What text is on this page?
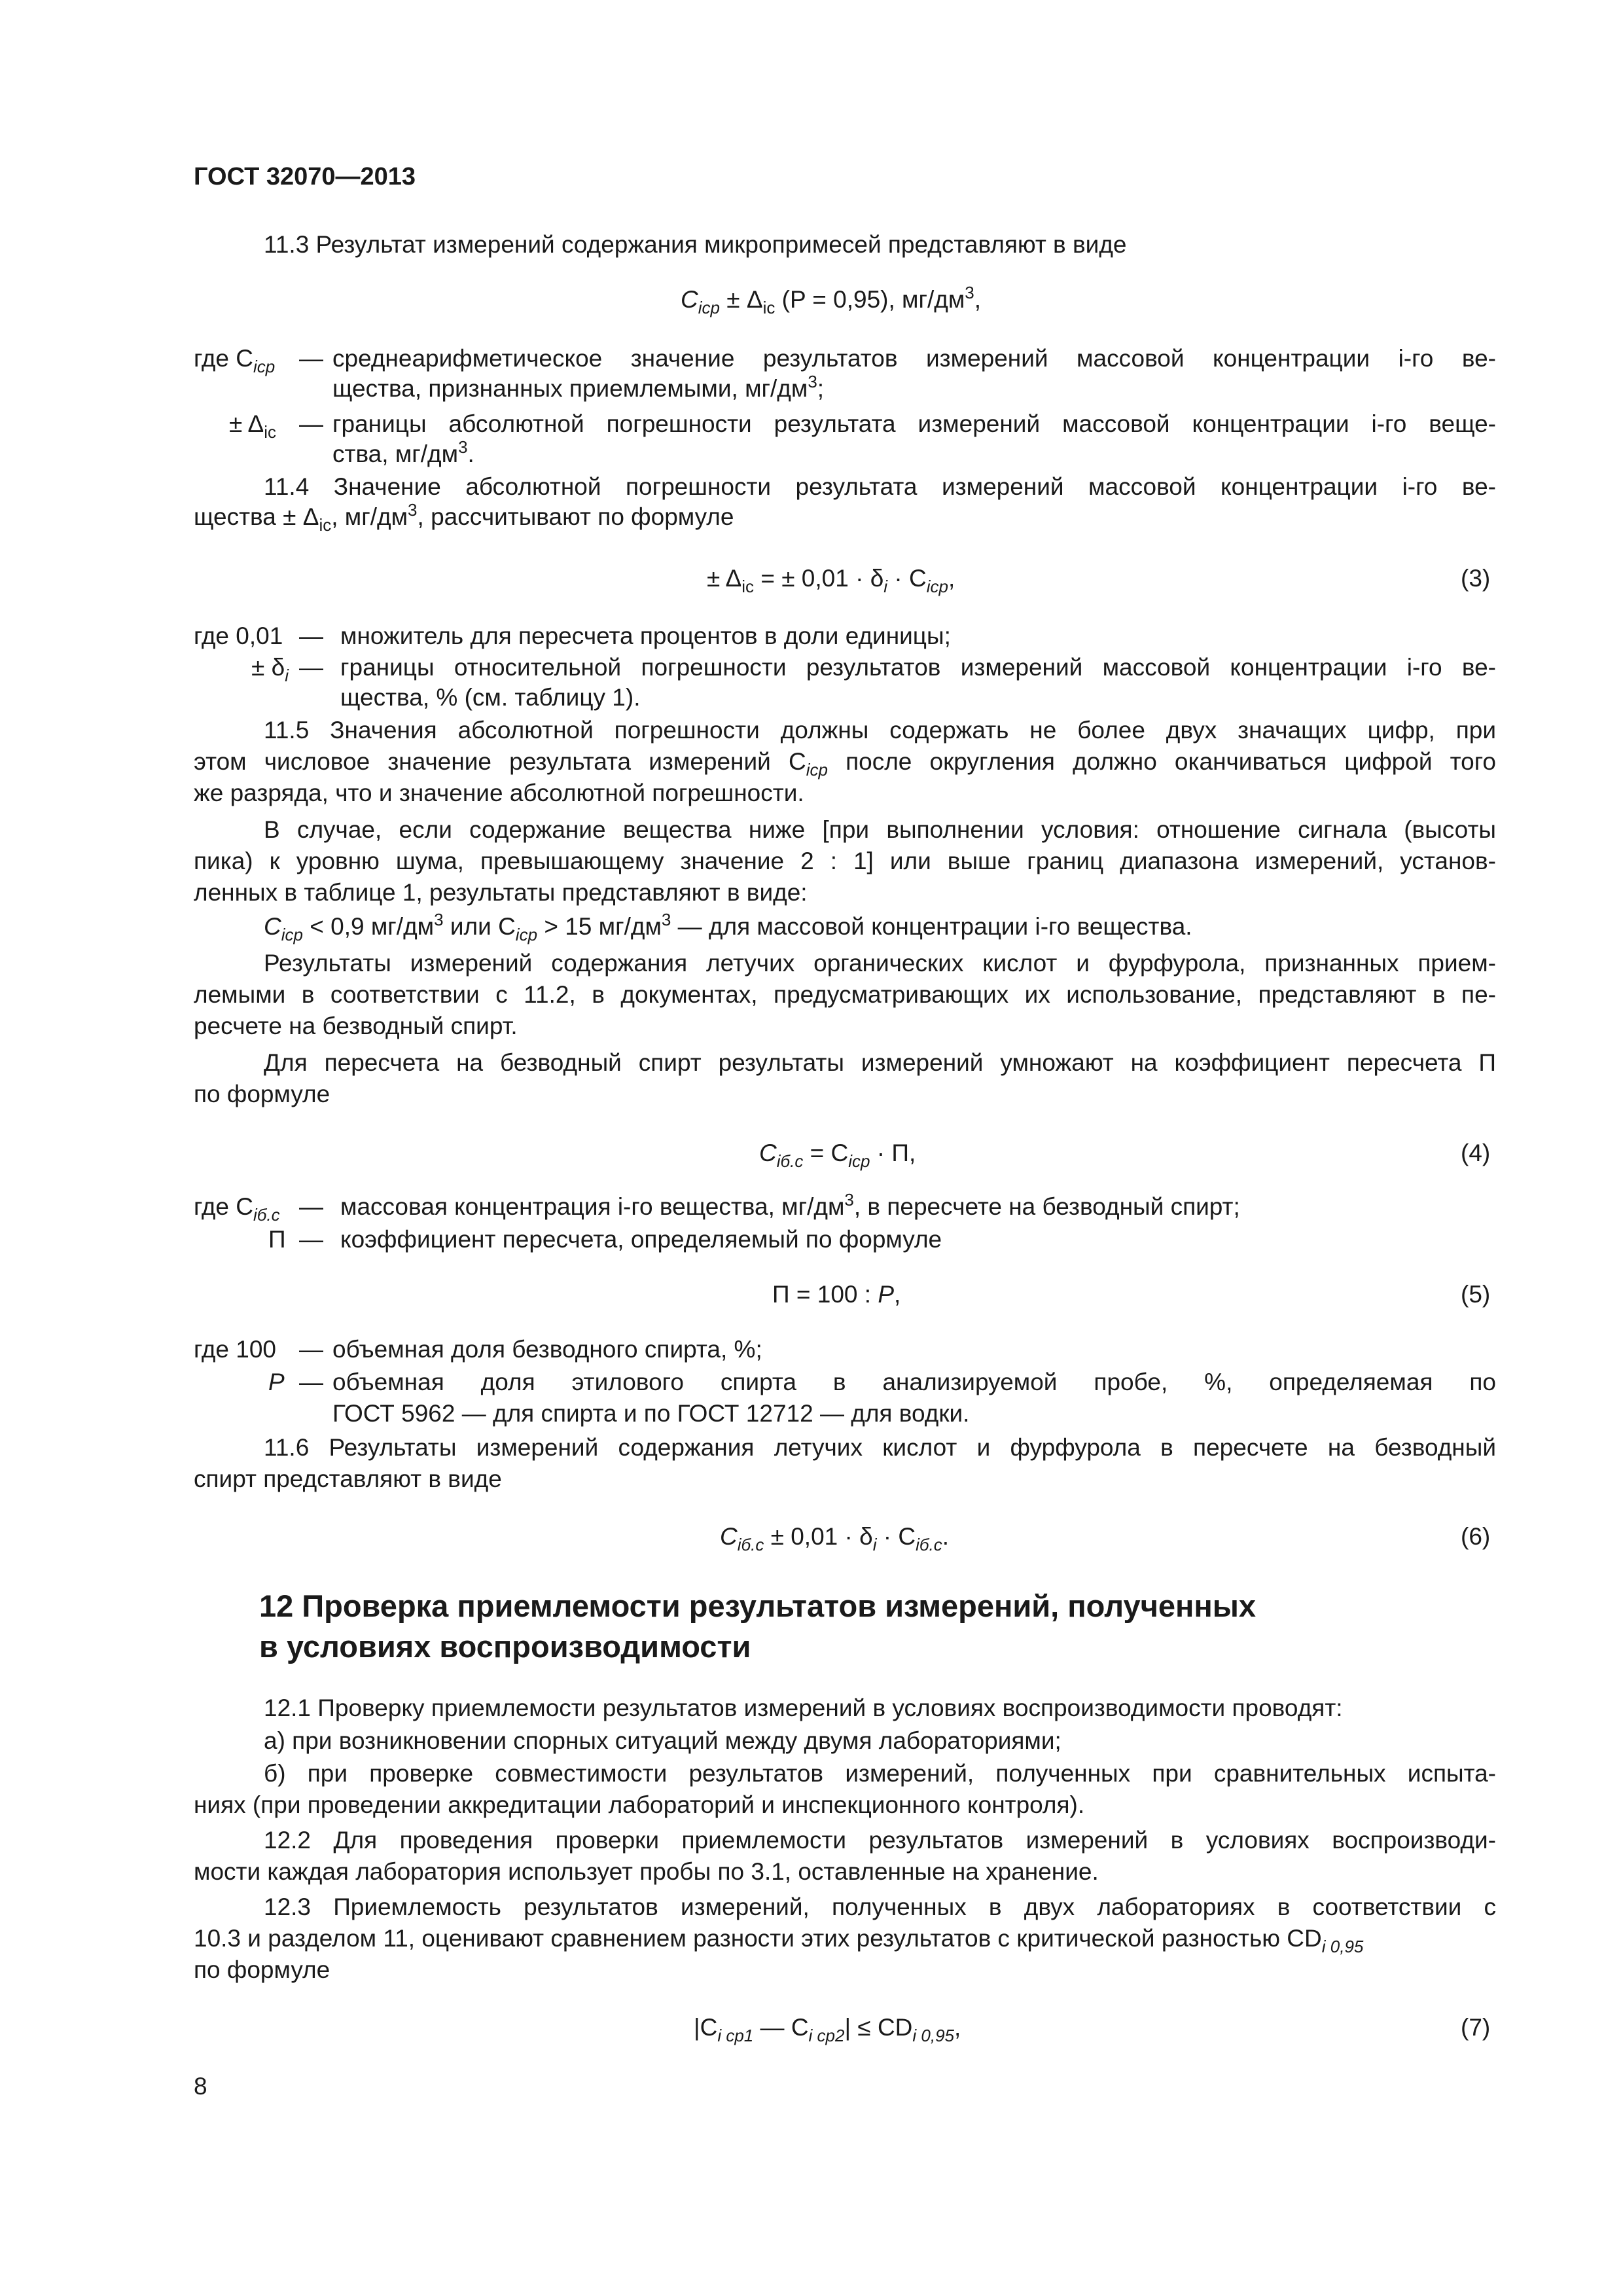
ГОСТ 32070—2013
11.3 Результат измерений содержания микропримесей представляют в виде
$C_{iср} \pm \Delta_{ic}$ (P = 0,95), $мг/дм^3$,
где $C_{iср}$ — среднеарифметическое значение результатов измерений массовой концентрации i-го ве-
щества, признанных приемлемыми, $мг/дм^3$;
± $\Delta_{ic}$ — границы абсолютной погрешности результата измерений массовой концентрации i-го веще-
ства, $мг/дм^3$.
11.4 Значение абсолютной погрешности результата измерений массовой концентрации i-го ве-
щества ± $\Delta_{ic}$, $мг/дм^3$, рассчитывают по формуле
± $\Delta_{ic}$ = ± $0,01 \cdot \delta_i \cdot C_{iср}$,	(3)
где 0,01 — множитель для пересчета процентов в доли единицы;
± $\delta_i$ — границы относительной погрешности результатов измерений массовой концентрации i-го ве-
щества, % (см. таблицу 1).
11.5 Значения абсолютной погрешности должны содержать не более двух значащих цифр, при
этом числовое значение результата измерений $C_{iср}$ после округления должно оканчиваться цифрой того
же разряда, что и значение абсолютной погрешности.
В случае, если содержание вещества ниже [при выполнении условия: отношение сигнала (высоты
пика) к уровню шума, превышающему значение 2 : 1] или выше границ диапазона измерений, установ-
ленных в таблице 1, результаты представляют в виде:
$C_{iср} < 0,9$ $мг/дм^3$ или $C_{iср} > 15$ $мг/дм^3$ — для массовой концентрации i-го вещества.
Результаты измерений содержания летучих органических кислот и фурфурола, признанных прием-
лемыми в соответствии с 11.2, в документах, предусматривающих их использование, представляют в пе-
ресчете на безводный спирт.
Для пересчета на безводный спирт результаты измерений умножают на коэффициент пересчета П
по формуле
$C_{iб.с} = C_{iср} \cdot П$,	(4)
где $C_{iб.с}$ — массовая концентрация i-го вещества, $мг/дм^3$, в пересчете на безводный спирт;
П — коэффициент пересчета, определяемый по формуле
П = 100 : P,	(5)
где 100 — объемная доля безводного спирта, %;
P — объемная доля этилового спирта в анализируемой пробе, %, определяемая по
ГОСТ 5962 — для спирта и по ГОСТ 12712 — для водки.
11.6 Результаты измерений содержания летучих кислот и фурфурола в пересчете на безводный
спирт представляют в виде
$C_{iб.с} \pm 0,01 \cdot \delta_i \cdot C_{iб.с}$.	(6)
12 Проверка приемлемости результатов измерений, полученных
в условиях воспроизводимости
12.1 Проверку приемлемости результатов измерений в условиях воспроизводимости проводят:
а) при возникновении спорных ситуаций между двумя лабораториями;
б) при проверке совместимости результатов измерений, полученных при сравнительных испыта-
ниях (при проведении аккредитации лабораторий и инспекционного контроля).
12.2 Для проведения проверки приемлемости результатов измерений в условиях воспроизводи-
мости каждая лаборатория использует пробы по 3.1, оставленные на хранение.
12.3 Приемлемость результатов измерений, полученных в двух лабораториях в соответствии с
10.3 и разделом 11, оценивают сравнением разности этих результатов с критической разностью $CD_{i 0,95}$
по формуле
$|C_{i ср1}$ — $C_{i ср2}| \le CD_{i 0,95}$,	(7)
8
